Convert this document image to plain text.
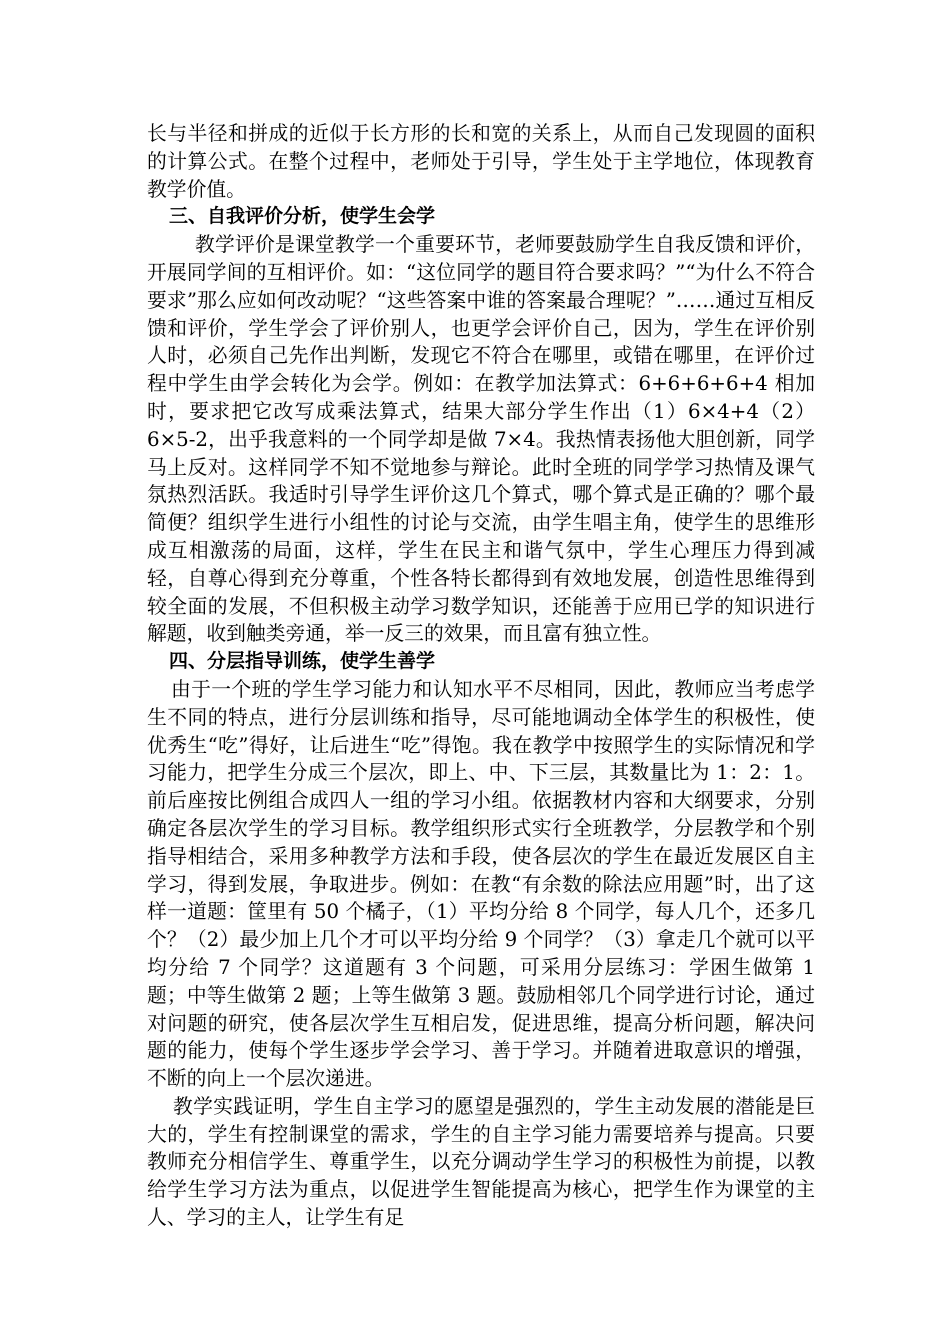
长与半径和拼成的近似于长方形的长和宽的关系上，从而自己发现圆的面积的计算公式。在整个过程中，老师处于引导，学生处于主学地位，体现教育教学价值。

三、自我评价分析，使学生会学

教学评价是课堂教学一个重要环节，老师要鼓励学生自我反馈和评价，开展同学间的互相评价。如：“这位同学的题目符合要求吗？”“为什么不符合要求”那么应如何改动呢？“这些答案中谁的答案最合理呢？”……通过互相反馈和评价，学生学会了评价别人，也更学会评价自己，因为，学生在评价别人时，必须自己先作出判断，发现它不符合在哪里，或错在哪里，在评价过程中学生由学会转化为会学。例如：在教学加法算式：6+6+6+6+4 相加时，要求把它改写成乘法算式，结果大部分学生作出（1）6×4+4（2）6×5-2，出乎我意料的一个同学却是做 7×4。我热情表扬他大胆创新，同学马上反对。这样同学不知不觉地参与辩论。此时全班的同学学习热情及课气氛热烈活跃。我适时引导学生评价这几个算式，哪个算式是正确的？哪个最简便？组织学生进行小组性的讨论与交流，由学生唱主角，使学生的思维形成互相激荡的局面，这样，学生在民主和谐气氛中，学生心理压力得到减轻，自尊心得到充分尊重，个性各特长都得到有效地发展，创造性思维得到较全面的发展，不但积极主动学习数学知识，还能善于应用已学的知识进行解题，收到触类旁通，举一反三的效果，而且富有独立性。

四、分层指导训练，使学生善学

由于一个班的学生学习能力和认知水平不尽相同，因此，教师应当考虑学生不同的特点，进行分层训练和指导，尽可能地调动全体学生的积极性，使优秀生“吃”得好，让后进生“吃”得饱。我在教学中按照学生的实际情况和学习能力，把学生分成三个层次，即上、中、下三层，其数量比为 1：2：1。前后座按比例组合成四人一组的学习小组。依据教材内容和大纲要求，分别确定各层次学生的学习目标。教学组织形式实行全班教学，分层教学和个别指导相结合，采用多种教学方法和手段，使各层次的学生在最近发展区自主学习，得到发展，争取进步。例如：在教“有余数的除法应用题”时，出了这样一道题：筐里有 50 个橘子，（1）平均分给 8 个同学，每人几个，还多几个？（2）最少加上几个才可以平均分给 9 个同学？（3）拿走几个就可以平均分给 7 个同学？这道题有 3 个问题，可采用分层练习：学困生做第 1 题；中等生做第 2 题；上等生做第 3 题。鼓励相邻几个同学进行讨论，通过对问题的研究，使各层次学生互相启发，促进思维，提高分析问题，解决问题的能力，使每个学生逐步学会学习、善于学习。并随着进取意识的增强，不断的向上一个层次递进。

教学实践证明，学生自主学习的愿望是强烈的，学生主动发展的潜能是巨大的，学生有控制课堂的需求，学生的自主学习能力需要培养与提高。只要教师充分相信学生、尊重学生，以充分调动学生学习的积极性为前提，以教给学生学习方法为重点，以促进学生智能提高为核心，把学生作为课堂的主人、学习的主人，让学生有足
